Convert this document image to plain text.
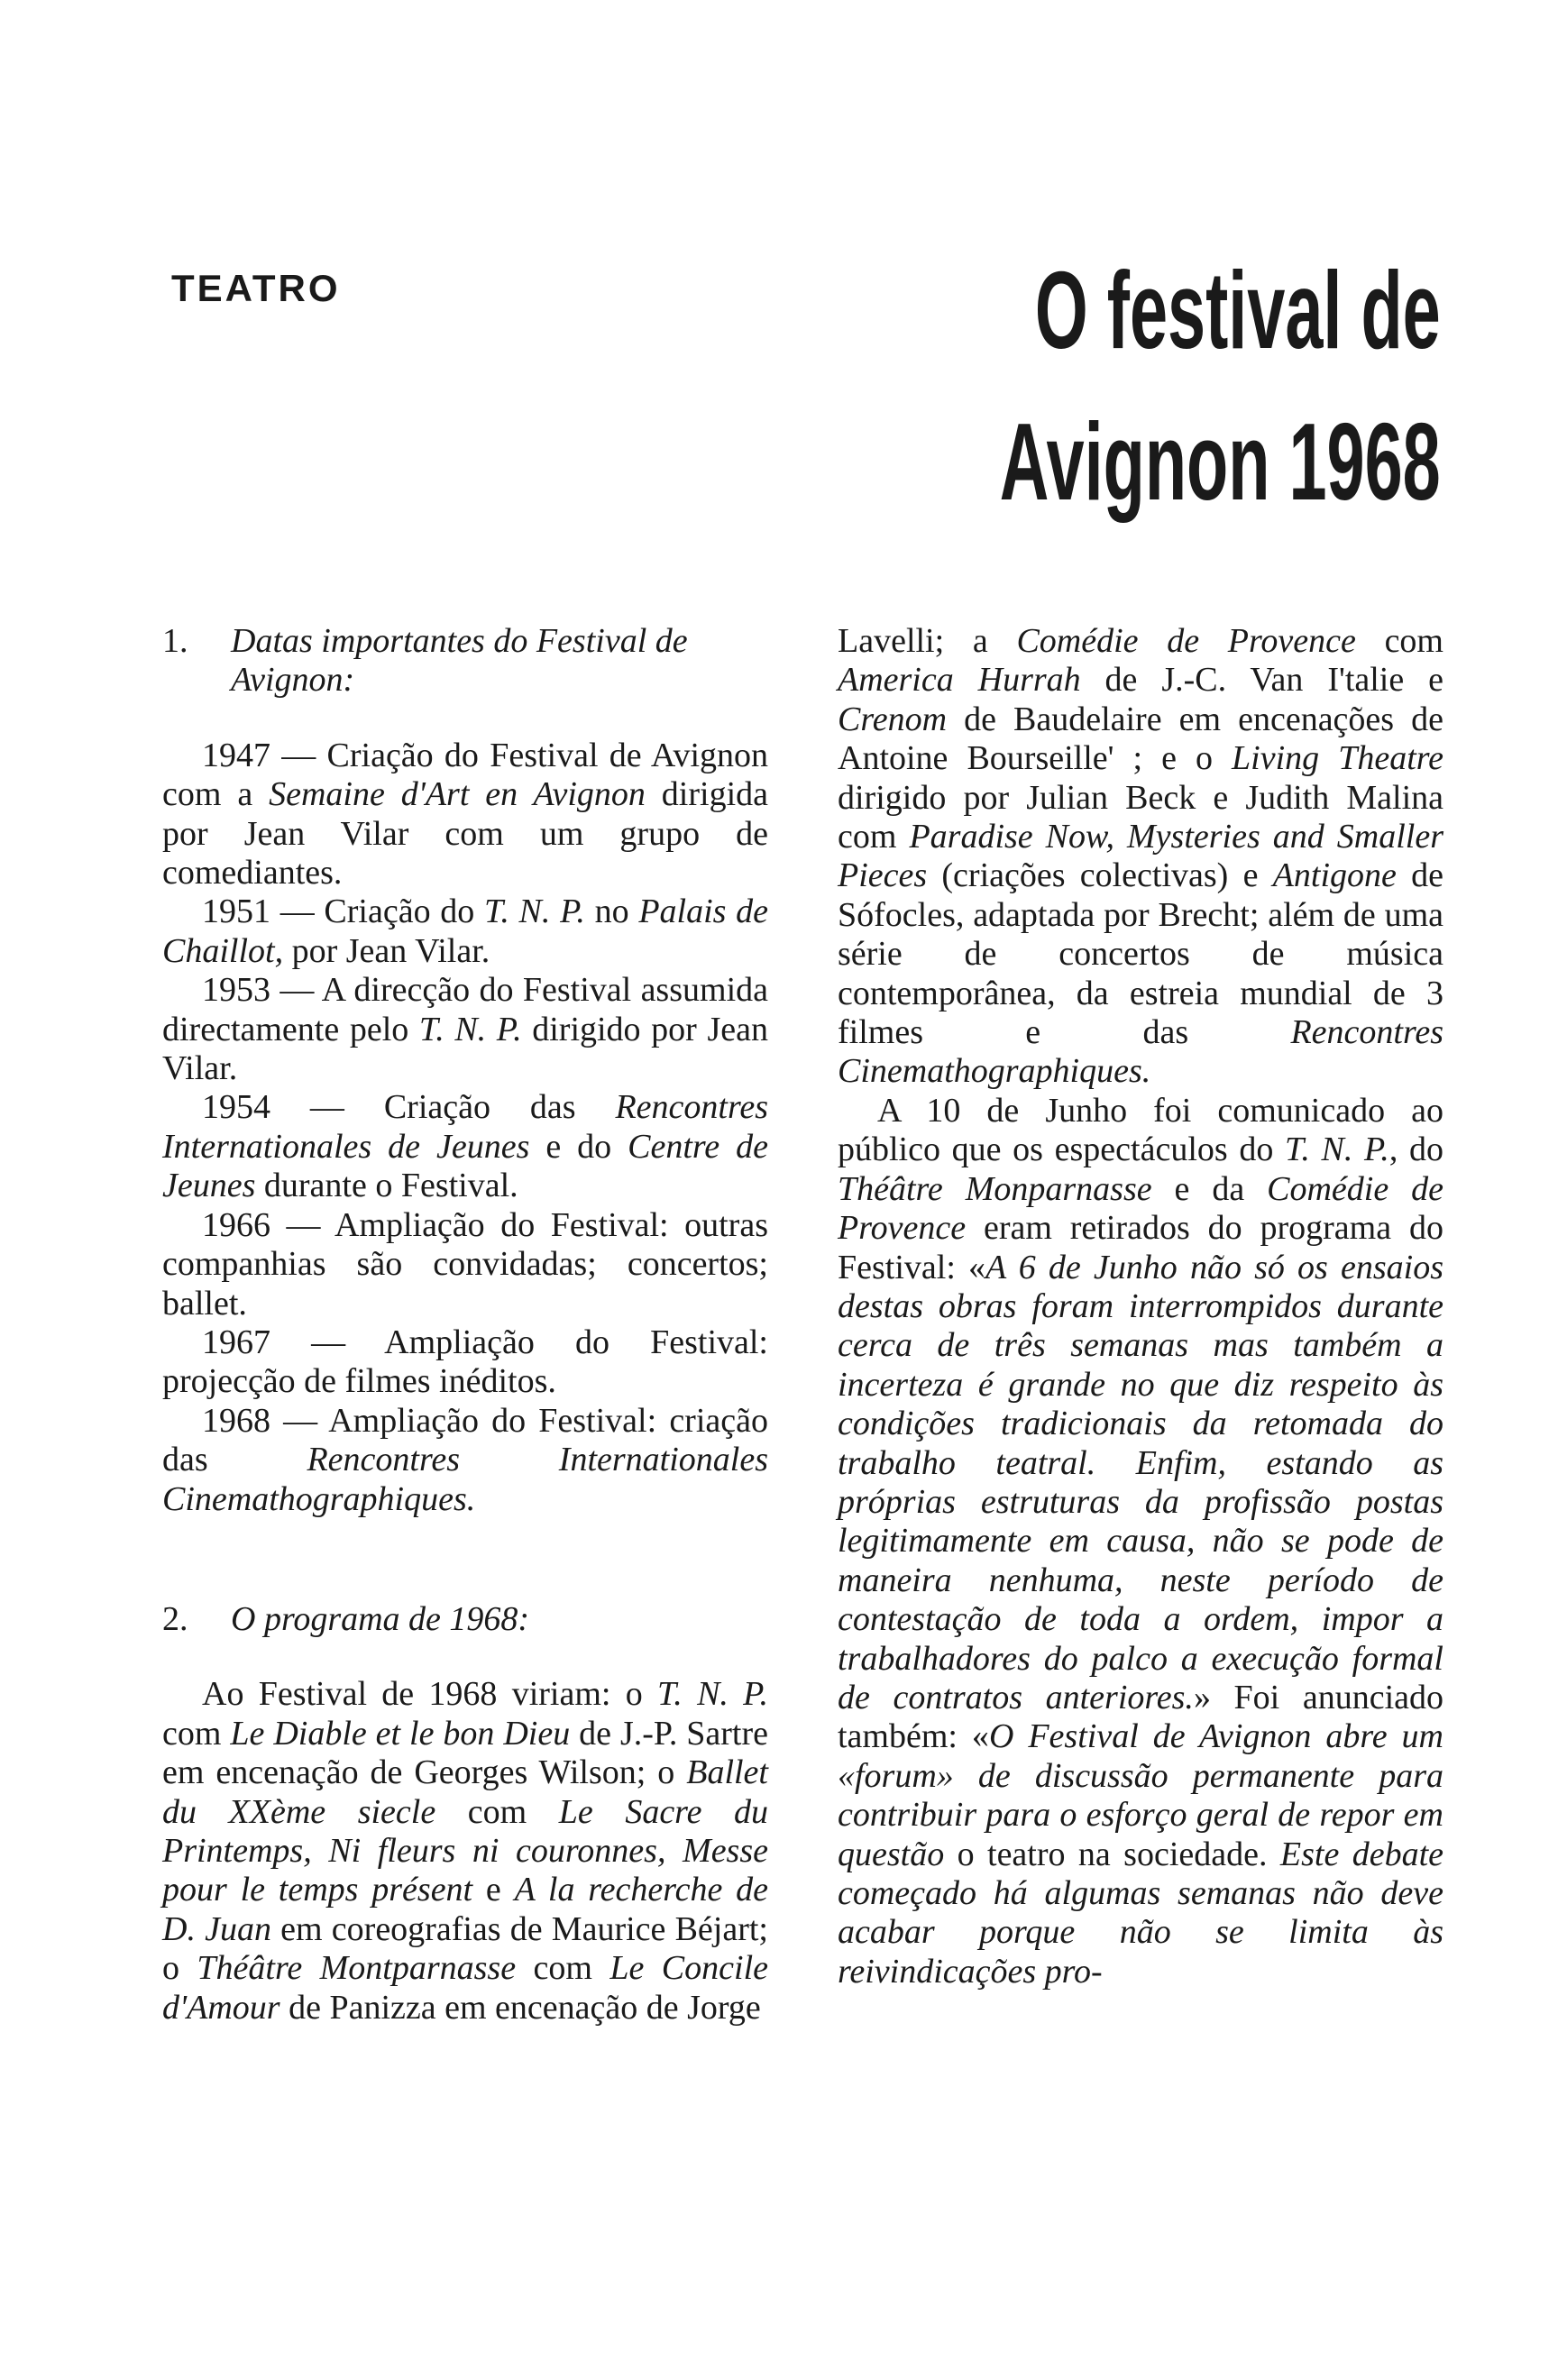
TEATRO	O festival de
Avignon 1968
1.	Datas importantes do Festival de Avignon:

1947 — Criação do Festival de Avignon com a Semaine d'Art en Avignon dirigida por Jean Vilar com um grupo de comediantes.

1951 — Criação do T. N. P. no Palais de Chaillot, por Jean Vilar.

1953 — A direcção do Festival assumida directamente pelo T. N. P. dirigido por Jean Vilar.

1954 — Criação das Rencontres Internationales de Jeunes e do Centre de Jeunes durante o Festival.

1966 — Ampliação do Festival: outras companhias são convidadas; concertos; ballet.

1967 — Ampliação do Festival: projecção de filmes inéditos.

1968 — Ampliação do Festival: criação das Rencontres Internationales Cinemathographiques.

2.	O programa de 1968:

Ao Festival de 1968 viriam: o T. N. P. com Le Diable et le bon Dieu de J.-P. Sartre em encenação de Georges Wilson; o Ballet du XXème siecle com Le Sacre du Printemps, Ni fleurs ni couronnes, Messe pour le temps présent e A la recherche de D. Juan em coreografias de Maurice Béjart; o Théâtre Montparnasse com Le Concile d'Amour de Panizza em encenação de Jorge

Lavelli; a Comédie de Provence com America Hurrah de J.-C. Van I'talie e Crenom de Baudelaire em encenações de Antoine Bourseille' ; e o Living Theatre dirigido por Julian Beck e Judith Malina com Paradise Now, Mysteries and Smaller Pieces (criações colectivas) e Antigone de Sófocles, adaptada por Brecht; além de uma série de concertos de música contemporânea, da estreia mundial de 3 filmes e das Rencontres Cinemathographiques.

A 10 de Junho foi comunicado ao público que os espectáculos do T. N. P., do Théâtre Monparnasse e da Comédie de Provence eram retirados do programa do Festival: «A 6 de Junho não só os ensaios destas obras foram interrompidos durante cerca de três semanas mas também a incerteza é grande no que diz respeito às condições tradicionais da retomada do trabalho teatral. Enfim, estando as próprias estruturas da profissão postas legitimamente em causa, não se pode de maneira nenhuma, neste período de contestação de toda a ordem, impor a trabalhadores do palco a execução formal de contratos anteriores.» Foi anunciado também: «O Festival de Avignon abre um «forum» de discussão permanente para contribuir para o esforço geral de repor em questão o teatro na sociedade. Este debate começado há algumas semanas não deve acabar porque não se limita às reivindicações pro-
